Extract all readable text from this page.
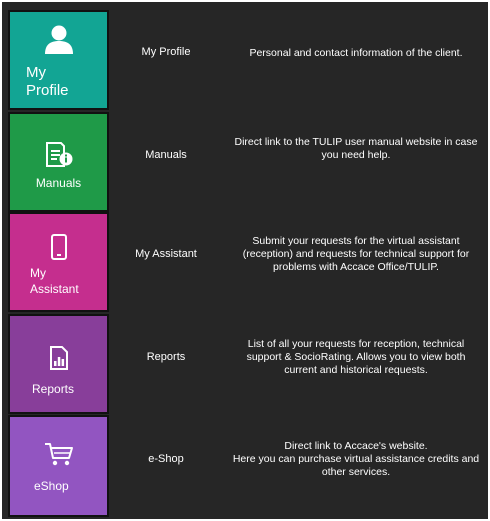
My
Profile
My Profile	Personal and contact information of the client.
Manuals
Manuals
Direct link to the TULIP user manual website in case
you need help.
My
Assistant
My Assistant
Submit your requests for the virtual assistant
(reception) and requests for technical support for
problems with Accace Office/TULIP.
Reports
Reports
List of all your requests for reception, technical
support & SocioRating. Allows you to view both
current and historical requests.
eShop
e-Shop
Direct link to Accace's website.
Here you can purchase virtual assistance credits and
other services.
